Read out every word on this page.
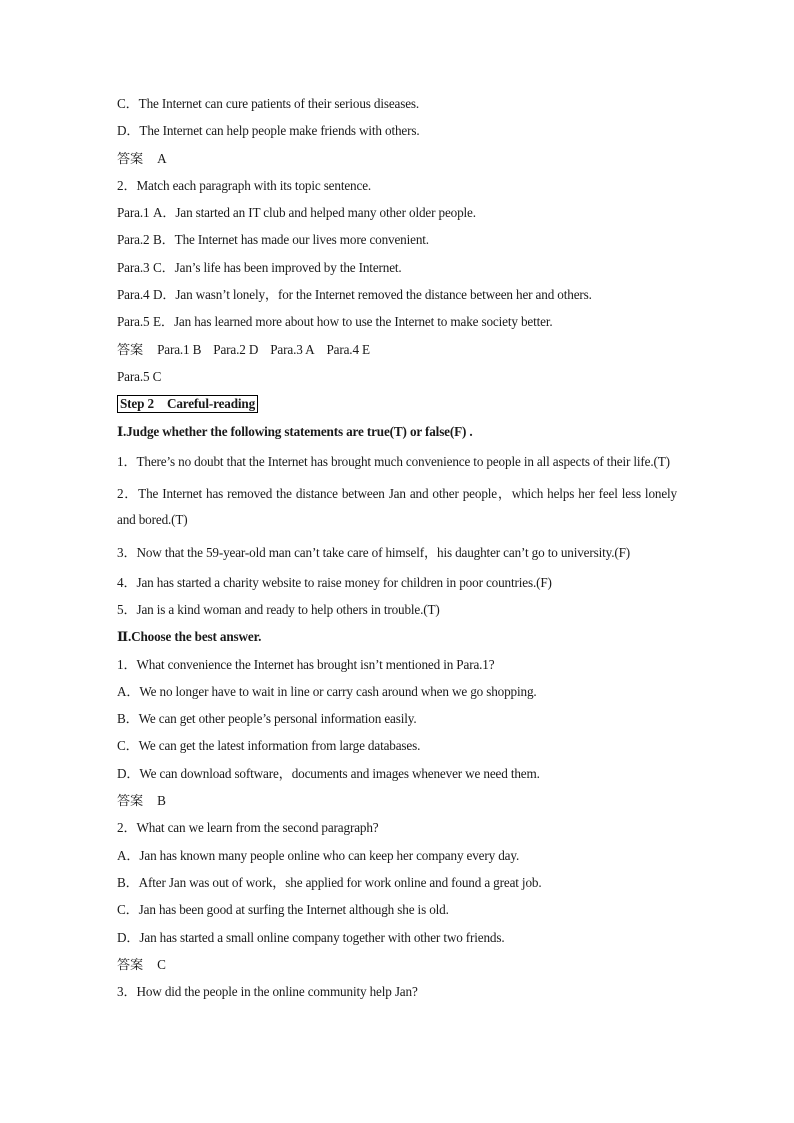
C．The Internet can cure patients of their serious diseases.
D．The Internet can help people make friends with others.
答案 A
2．Match each paragraph with its topic sentence.
Para.1 A．Jan started an IT club and helped many other older people.
Para.2 B．The Internet has made our lives more convenient.
Para.3 C．Jan’s life has been improved by the Internet.
Para.4 D．Jan wasn’t lonely，for the Internet removed the distance between her and others.
Para.5 E．Jan has learned more about how to use the Internet to make society better.
答案 Para.1 B Para.2 D Para.3 A Para.4 E
Para.5 C
Step 2　Careful-reading
Ⅰ.Judge whether the following statements are true(T) or false(F) .
1．There’s no doubt that the Internet has brought much convenience to people in all aspects of their life.(T)
2．The Internet has removed the distance between Jan and other people，which helps her feel less lonely and bored.(T)
3．Now that the 59-year-old man can’t take care of himself，his daughter can’t go to university.(F)
4．Jan has started a charity website to raise money for children in poor countries.(F)
5．Jan is a kind woman and ready to help others in trouble.(T)
Ⅱ.Choose the best answer.
1．What convenience the Internet has brought isn’t mentioned in Para.1?
A．We no longer have to wait in line or carry cash around when we go shopping.
B．We can get other people’s personal information easily.
C．We can get the latest information from large databases.
D．We can download software，documents and images whenever we need them.
答案 B
2．What can we learn from the second paragraph?
A．Jan has known many people online who can keep her company every day.
B．After Jan was out of work，she applied for work online and found a great job.
C．Jan has been good at surfing the Internet although she is old.
D．Jan has started a small online company together with other two friends.
答案 C
3．How did the people in the online community help Jan?
